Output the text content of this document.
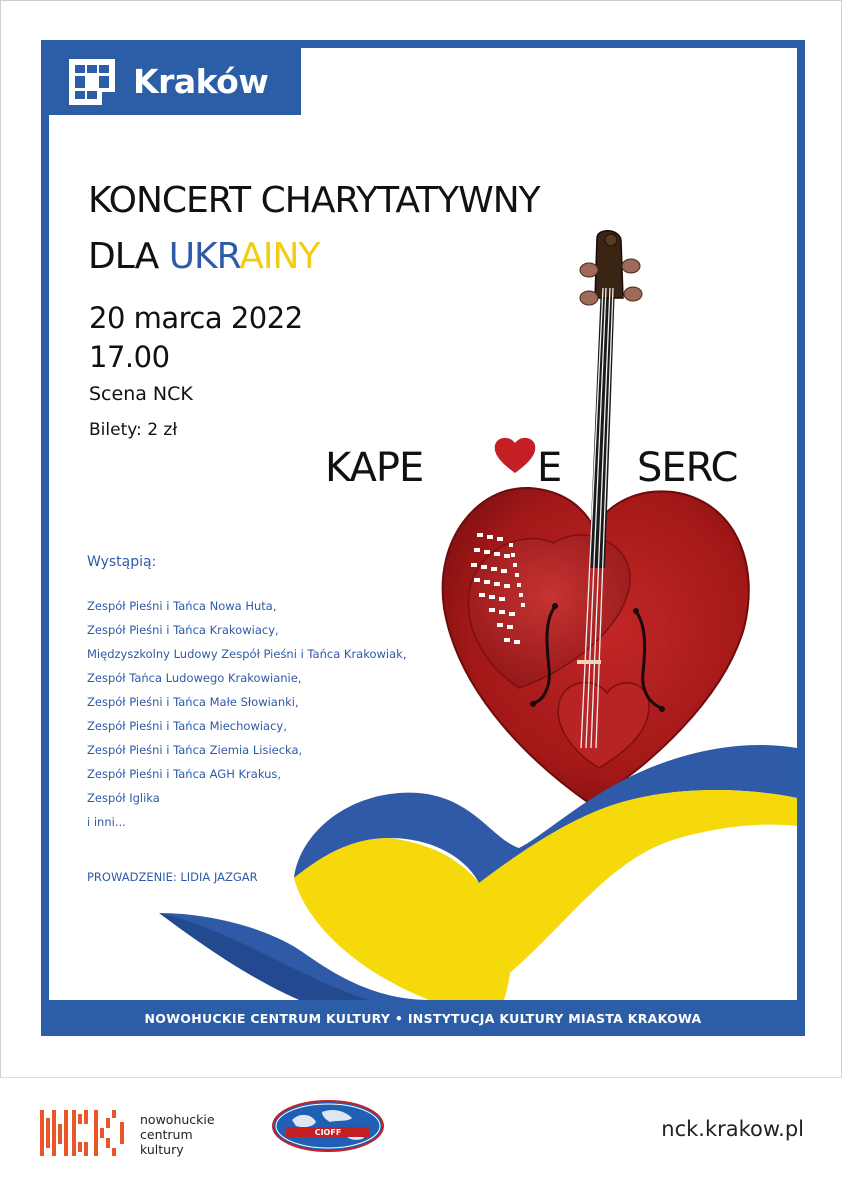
Kraków
KONCERT CHARYTATYWNY
DLA UKRAINY
20 marca 2022
17.00
Scena NCK
Bilety: 2 zł
KAPE	E SERC
Wystąpią:
Zespół Pieśni i Tańca Nowa Huta,
Zespół Pieśni i Tańca Krakowiacy,
Międzyszkolny Ludowy Zespół Pieśni i Tańca Krakowiak,
Zespół Tańca Ludowego Krakowianie,
Zespół Pieśni i Tańca Małe Słowianki,
Zespół Pieśni i Tańca Miechowiacy,
Zespół Pieśni i Tańca Ziemia Lisiecka,
Zespół Pieśni i Tańca AGH Krakus,
Zespół Iglika
i inni...
PROWADZENIE: LIDIA JAZGAR
NOWOHUCKIE CENTRUM KULTURY • INSTYTUCJA KULTURY MIASTA KRAKOWA
nowohuckie
centrum
kultury
CIOFF	nck.krakow.pl
